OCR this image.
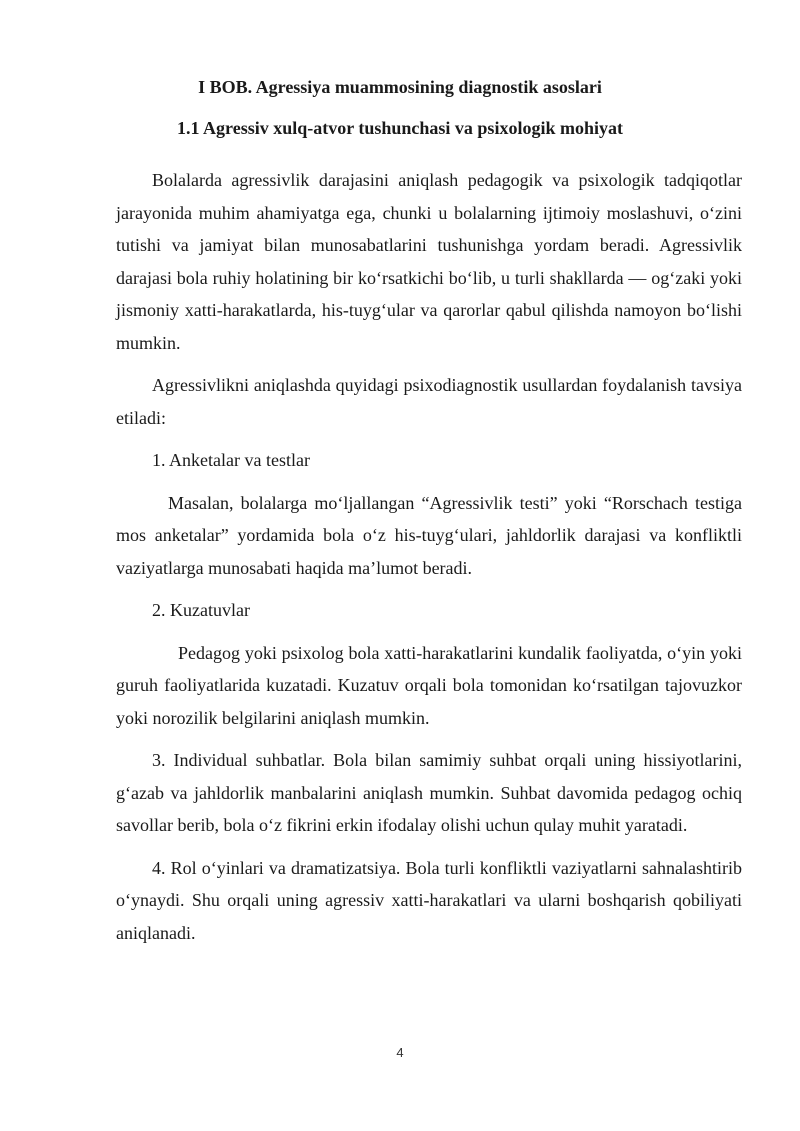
I BOB. Agressiya muammosining diagnostik asoslari
1.1 Agressiv xulq-atvor tushunchasi va psixologik mohiyat

Bolalarda agressivlik darajasini aniqlash pedagogik va psixologik tadqiqotlar jarayonida muhim ahamiyatga ega, chunki u bolalarning ijtimoiy moslashuvi, o‘zini tutishi va jamiyat bilan munosabatlarini tushunishga yordam beradi. Agressivlik darajasi bola ruhiy holatining bir ko‘rsatkichi bo‘lib, u turli shakllarda — og‘zaki yoki jismoniy xatti-harakatlarda, his-tuyg‘ular va qarorlar qabul qilishda namoyon bo‘lishi mumkin.

Agressivlikni aniqlashda quyidagi psixodiagnostik usullardan foydalanish tavsiya etiladi:

1. Anketalar va testlar

Masalan, bolalarga mo‘ljallangan “Agressivlik testi” yoki “Rorschach testiga mos anketalar” yordamida bola o‘z his-tuyg‘ulari, jahldorlik darajasi va konfliktli vaziyatlarga munosabati haqida ma’lumot beradi.

2. Kuzatuvlar

Pedagog yoki psixolog bola xatti-harakatlarini kundalik faoliyatda, o‘yin yoki guruh faoliyatlarida kuzatadi. Kuzatuv orqali bola tomonidan ko‘rsatilgan tajovuzkor yoki norozilik belgilarini aniqlash mumkin.

3. Individual suhbatlar. Bola bilan samimiy suhbat orqali uning hissiyotlarini, g‘azab va jahldorlik manbalarini aniqlash mumkin. Suhbat davomida pedagog ochiq savollar berib, bola o‘z fikrini erkin ifodalay olishi uchun qulay muhit yaratadi.

4. Rol o‘yinlari va dramatizatsiya. Bola turli konfliktli vaziyatlarni sahnalashtirib o‘ynaydi. Shu orqali uning agressiv xatti-harakatlari va ularni boshqarish qobiliyati aniqlanadi.

4
